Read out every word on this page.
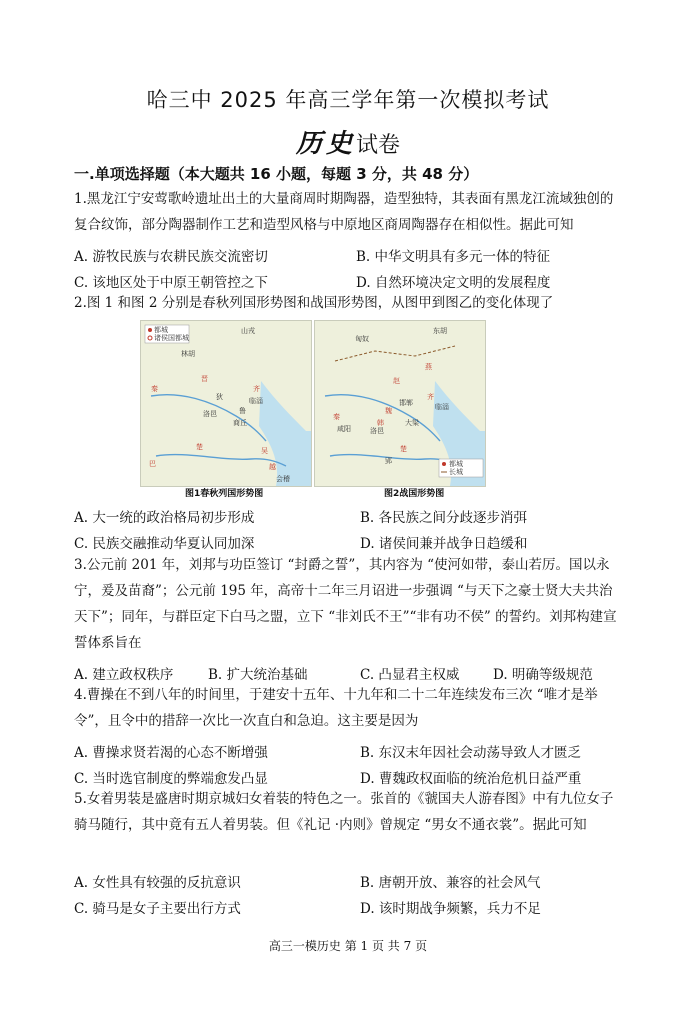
哈三中 2025 年高三学年第一次模拟考试
历史试卷
一.单项选择题（本大题共 16 小题，每题 3 分，共 48 分）
1.黑龙江宁安莺歌岭遗址出土的大量商周时期陶器，造型独特，其表面有黑龙江流域独创的复合纹饰，部分陶器制作工艺和造型风格与中原地区商周陶器存在相似性。据此可知
A. 游牧民族与农耕民族交流密切	B. 中华文明具有多元一体的特征
C. 该地区处于中原王朝管控之下	D. 自然环境决定文明的发展程度
2.图 1 和图 2 分别是春秋列国形势图和战国形势图，从图甲到图乙的变化体现了
都城
诸侯国都城
山戎
晋
齐
楚
秦
洛邑
临淄
鲁
商丘
吴
越
巴
会稽
狄
林胡
图1春秋列国形势图
都城
长城
燕
赵
魏
韩
齐
楚
秦
洛邑
东胡
匈奴
邯郸
大梁
临淄
咸阳
郢
图2战国形势图
A. 大一统的政治格局初步形成	B. 各民族之间分歧逐步消弭
C. 民族交融推动华夏认同加深	D. 诸侯间兼并战争日趋缓和
3.公元前 201 年，刘邦与功臣签订 “封爵之誓”，其内容为 “使河如带，泰山若厉。国以永宁，爰及苗裔”；公元前 195 年，高帝十二年三月诏进一步强调 “与天下之豪士贤大夫共治天下”；同年，与群臣定下白马之盟，立下 “非刘氏不王”“非有功不侯” 的誓约。刘邦构建宣誓体系旨在
A. 建立政权秩序	B. 扩大统治基础	C. 凸显君主权威 D. 明确等级规范
4.曹操在不到八年的时间里，于建安十五年、十九年和二十二年连续发布三次 “唯才是举令”，且令中的措辞一次比一次直白和急迫。这主要是因为
A. 曹操求贤若渴的心态不断增强	B. 东汉末年因社会动荡导致人才匮乏
C. 当时选官制度的弊端愈发凸显	D. 曹魏政权面临的统治危机日益严重
5.女着男装是盛唐时期京城妇女着装的特色之一。张首的《虢国夫人游春图》中有九位女子骑马随行，其中竟有五人着男装。但《礼记 ·内则》曾规定 “男女不通衣裳”。据此可知
A. 女性具有较强的反抗意识	B. 唐朝开放、兼容的社会风气
C. 骑马是女子主要出行方式	D. 该时期战争频繁，兵力不足
高三一模历史 第 1 页 共 7 页
